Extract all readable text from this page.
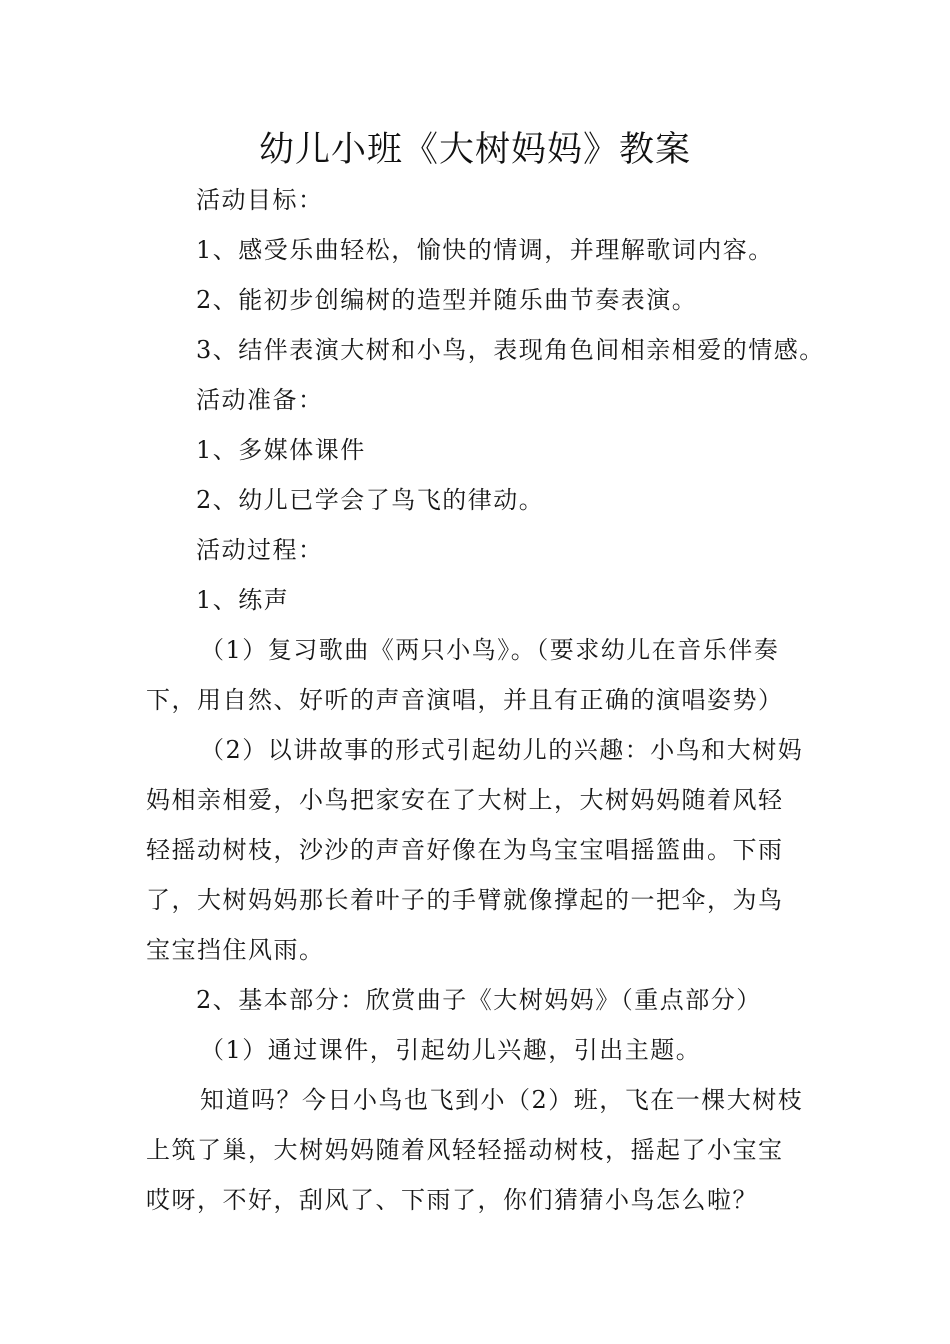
幼儿小班《大树妈妈》教案
活动目标：
1、感受乐曲轻松，愉快的情调，并理解歌词内容。
2、能初步创编树的造型并随乐曲节奏表演。
3、结伴表演大树和小鸟，表现角色间相亲相爱的情感。
活动准备：
1、多媒体课件
2、幼儿已学会了鸟飞的律动。
活动过程：
1、练声
（1）复习歌曲《两只小鸟》。（要求幼儿在音乐伴奏
下，用自然、好听的声音演唱，并且有正确的演唱姿势）
（2）以讲故事的形式引起幼儿的兴趣：小鸟和大树妈
妈相亲相爱，小鸟把家安在了大树上，大树妈妈随着风轻
轻摇动树枝，沙沙的声音好像在为鸟宝宝唱摇篮曲。下雨
了，大树妈妈那长着叶子的手臂就像撑起的一把伞，为鸟
宝宝挡住风雨。
2、基本部分：欣赏曲子《大树妈妈》（重点部分）
（1）通过课件，引起幼儿兴趣，引出主题。
知道吗？今日小鸟也飞到小（2）班，飞在一棵大树枝
上筑了巢，大树妈妈随着风轻轻摇动树枝，摇起了小宝宝
哎呀，不好，刮风了、下雨了，你们猜猜小鸟怎么啦？
